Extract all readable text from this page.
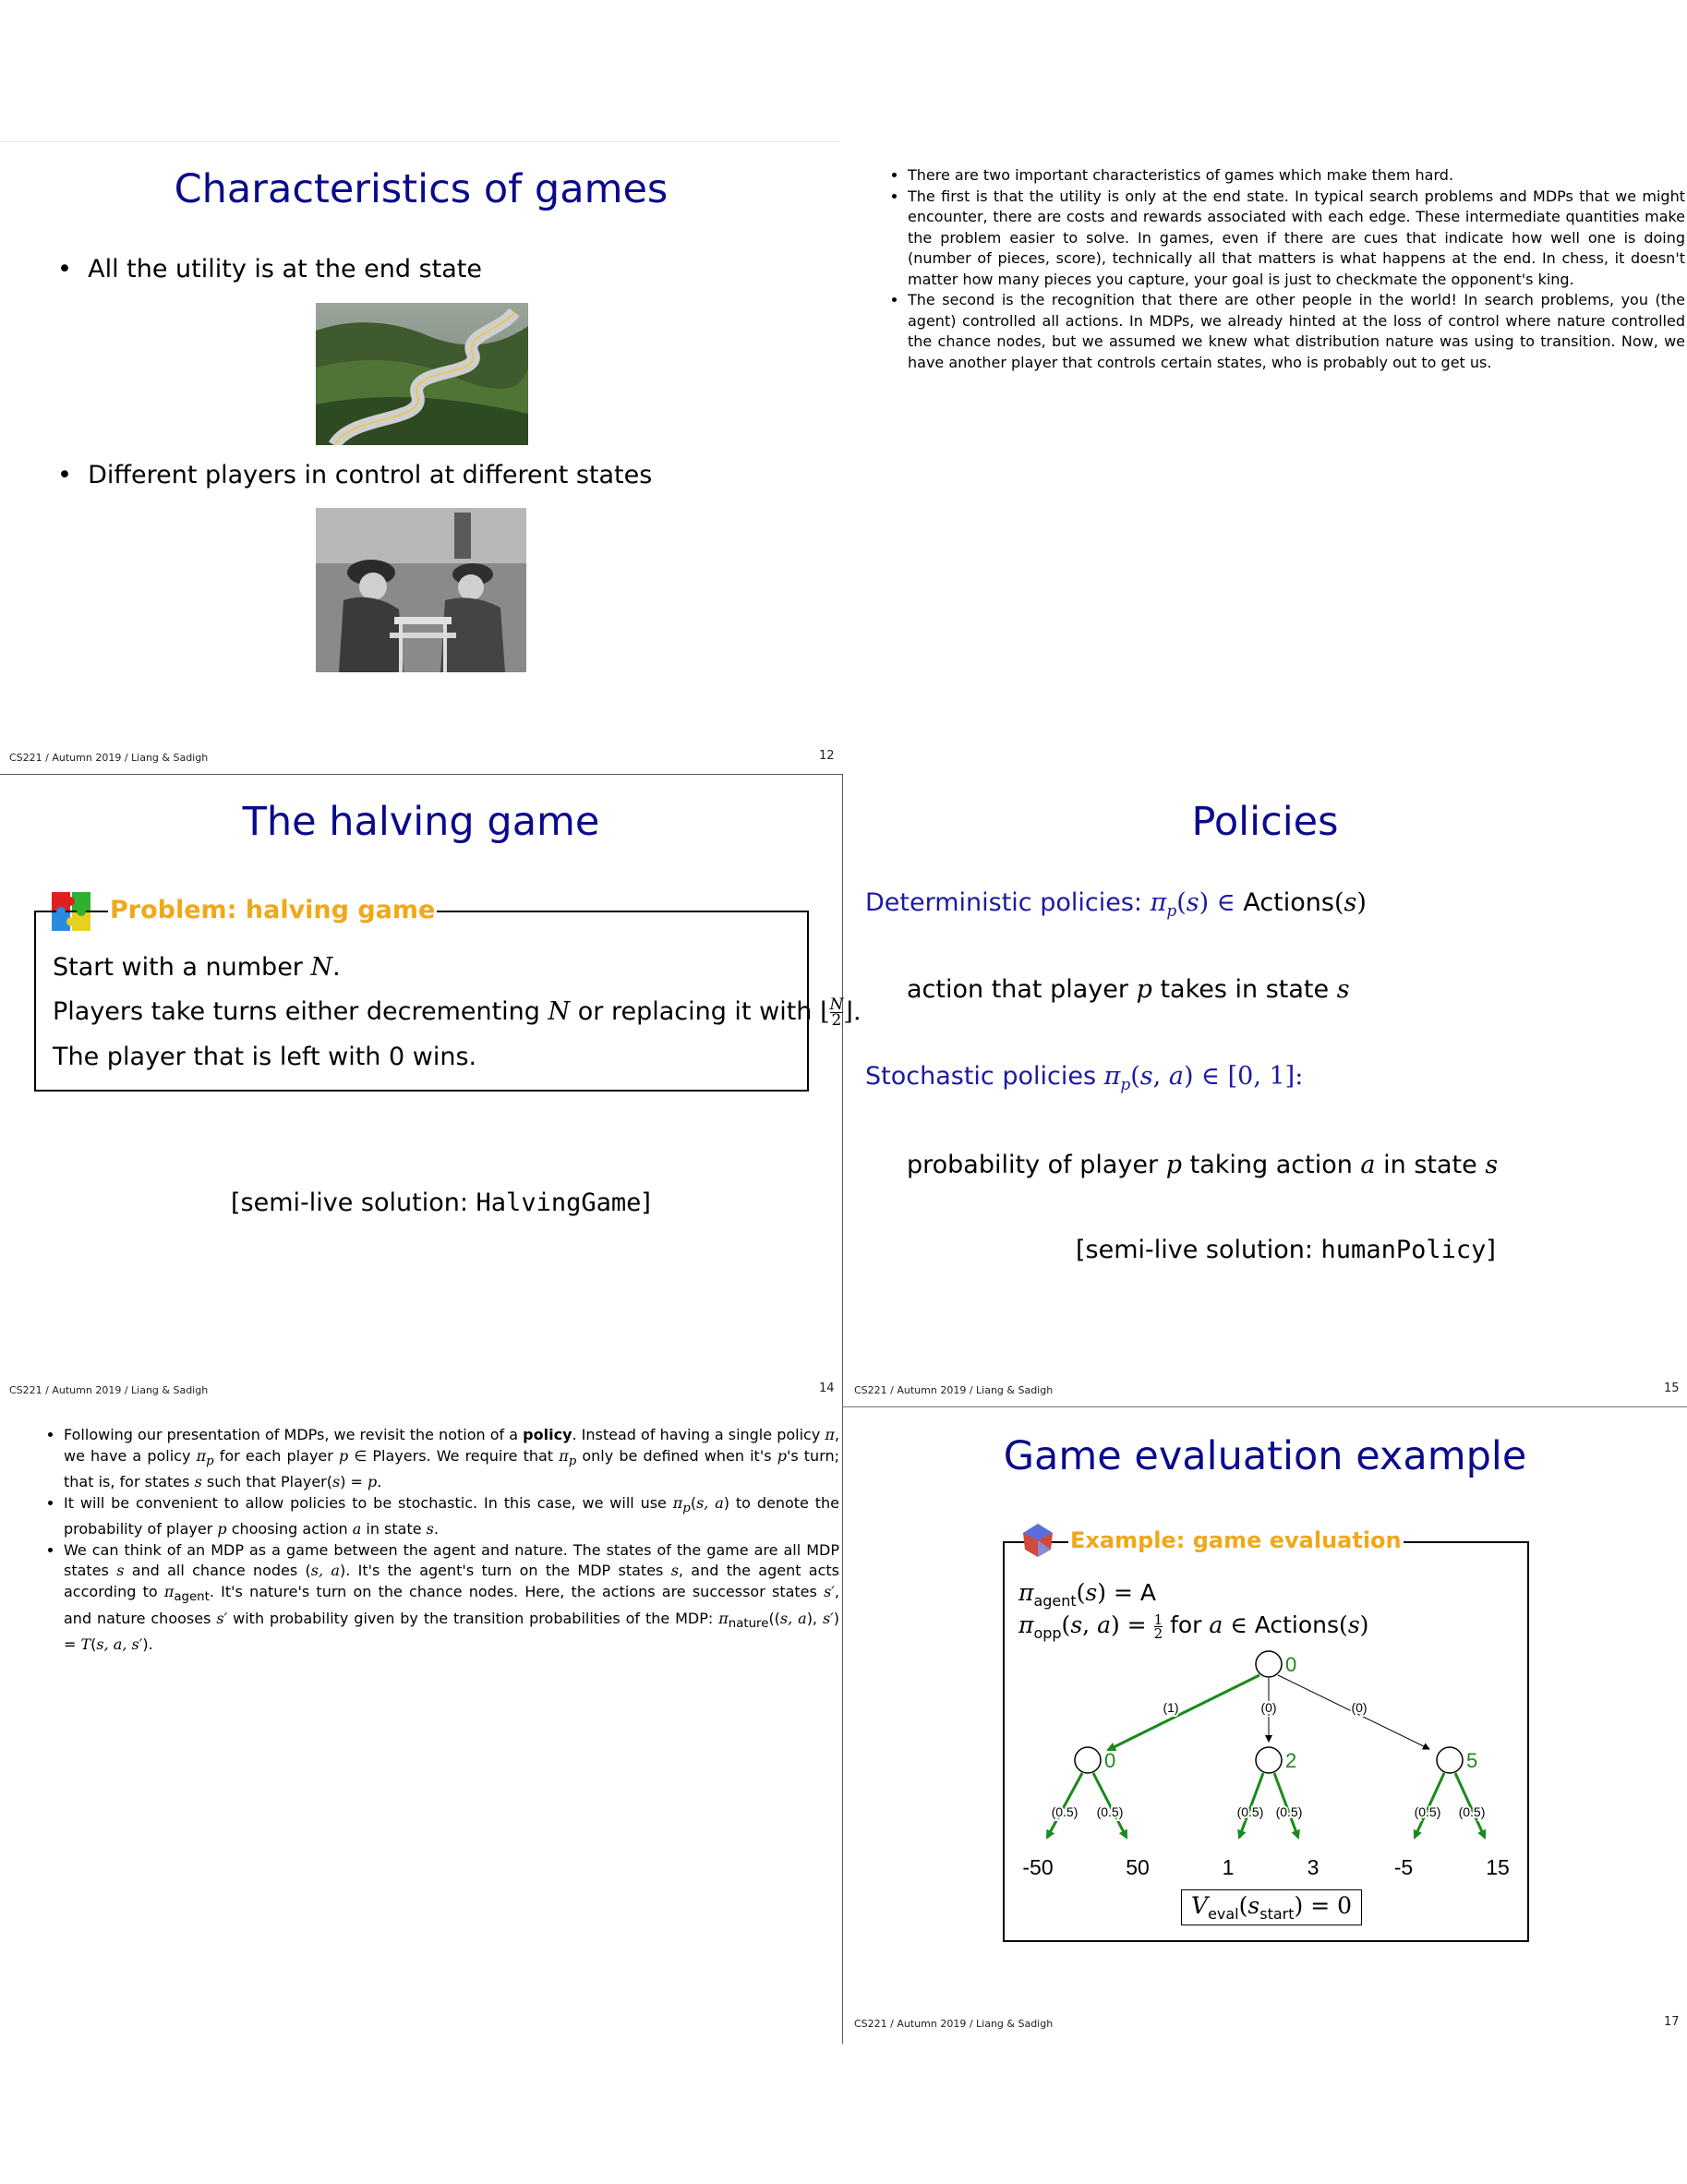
Characteristics of games
•  All the utility is at the end state
•  Different players in control at different states
CS221 / Autumn 2019 / Liang & Sadigh	12
• There are two important characteristics of games which make them hard.
• The first is that the utility is only at the end state. In typical search problems and MDPs that we might encounter, there are costs and rewards associated with each edge. These intermediate quantities make the problem easier to solve. In games, even if there are cues that indicate how well one is doing (number of pieces, score), technically all that matters is what happens at the end. In chess, it doesn't matter how many pieces you capture, your goal is just to checkmate the opponent's king.
• The second is the recognition that there are other people in the world! In search problems, you (the agent) controlled all actions. In MDPs, we already hinted at the loss of control where nature controlled the chance nodes, but we assumed we knew what distribution nature was using to transition. Now, we have another player that controls certain states, who is probably out to get us.
The halving game
Problem: halving game
Start with a number N.
Players take turns either decrementing N or replacing it with $⌊\frac{N}{2}$ ⌋.
The player that is left with 0 wins.
[semi-live solution: HalvingGame]
CS221 / Autumn 2019 / Liang & Sadigh	14
Policies
Deterministic policies: $\pi_p(s)$ ∈ Actions(s)
action that player p takes in state s
Stochastic policies $\pi_p(s$, a) ∈ [0, 1]:
probability of player p taking action a in state s
[semi-live solution: humanPolicy]
CS221 / Autumn 2019 / Liang & Sadigh	15
• Following our presentation of MDPs, we revisit the notion of a policy. Instead of having a single policy π, we have a policy $\pi_p$ for each player p ∈ Players. We require that $\pi_p$ only be defined when it's p's turn; that is, for states s such that Player(s) = p.
• It will be convenient to allow policies to be stochastic. In this case, we will use $\pi_p(s$, a) to denote the probability of player p choosing action a in state s.
• We can think of an MDP as a game between the agent and nature. The states of the game are all MDP states s and all chance nodes (s, a). It's the agent's turn on the MDP states s, and the agent acts according to $\pi_{agent}$. It's nature's turn on the chance nodes. Here, the actions are successor states s′, and nature chooses s′ with probability given by the transition probabilities of the MDP: $\pi_{nature}((s$, a), s′) = T(s, a, s′).
Game evaluation example
Example: game evaluation
$\pi_{agent}(s) = A$
$\pi_{opp}(s$, a) = 1

2 for a ∈ Actions(s)
0
(1)	(0)	(0)
0	2	5
(0.5) (0.5)	(0.5) (0.5)	(0.5) (0.5)
-50	50	1	3	-5	15
$V_{eval}(s_{start}) = 0$
CS221 / Autumn 2019 / Liang & Sadigh	17
